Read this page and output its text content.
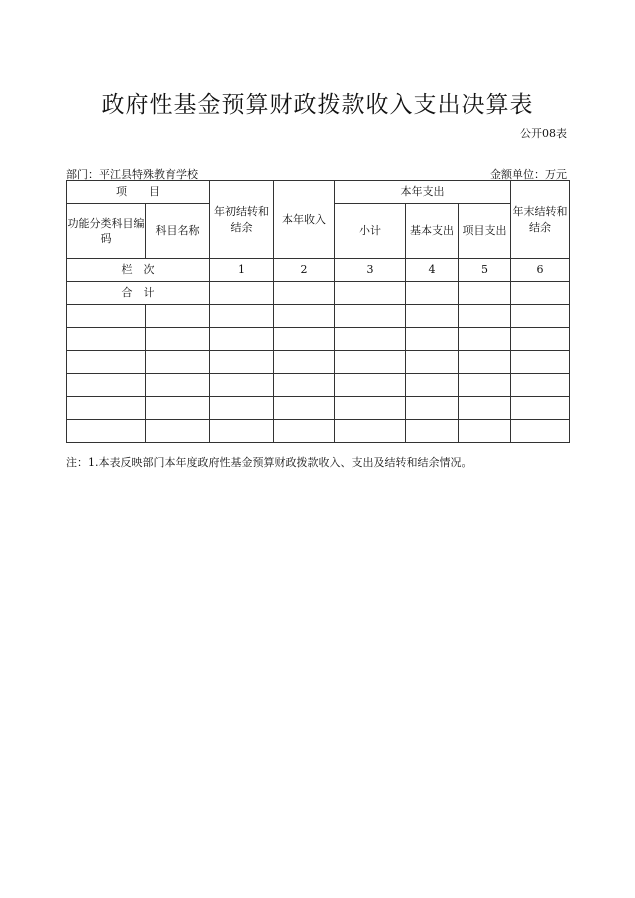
政府性基金预算财政拨款收入支出决算表
公开08表
部门：平江县特殊教育学校	金额单位：万元
项　　目		年初结转和结余	本年收入	本年支出			年末结转和结余
功能分类科目编码	科目名称			小计	基本支出	项目支出	
栏　次		1	2	3	4	5	6
合　计							

注：1.本表反映部门本年度政府性基金预算财政拨款收入、支出及结转和结余情况。
